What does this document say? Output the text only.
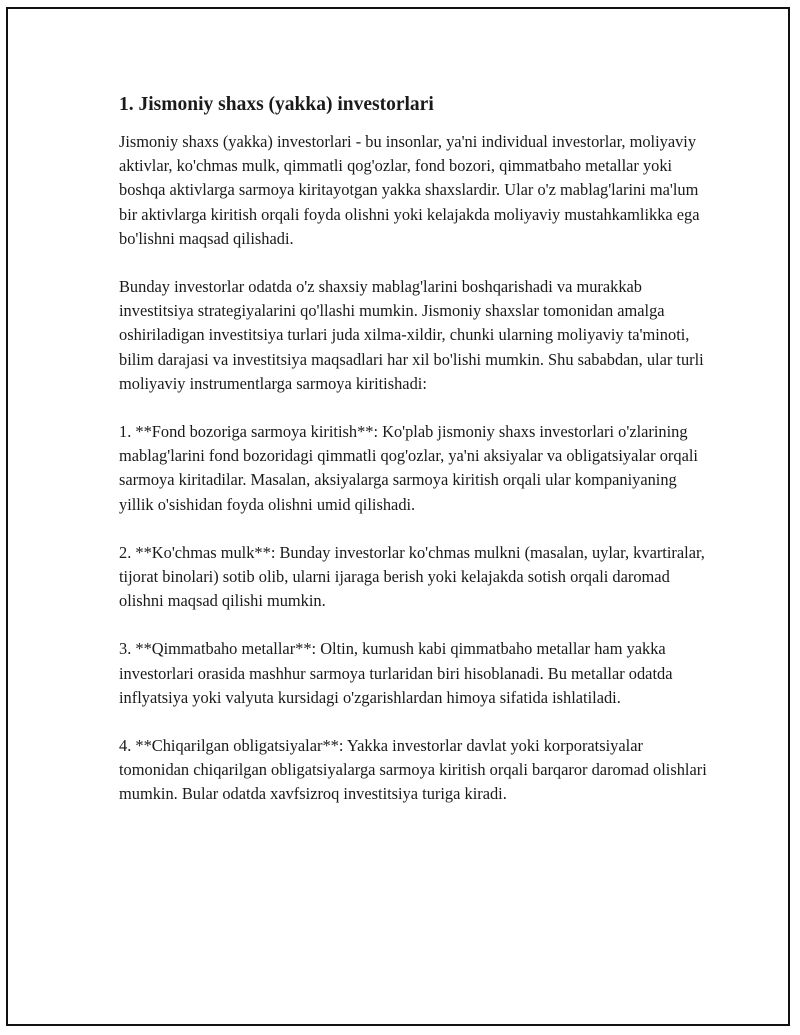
1. Jismoniy shaxs (yakka) investorlari

Jismoniy shaxs (yakka) investorlari - bu insonlar, ya'ni individual investorlar, moliyaviy aktivlar, ko'chmas mulk, qimmatli qog'ozlar, fond bozori, qimmatbaho metallar yoki boshqa aktivlarga sarmoya kiritayotgan yakka shaxslardir. Ular o'z mablag'larini ma'lum bir aktivlarga kiritish orqali foyda olishni yoki kelajakda moliyaviy mustahkamlikka ega bo'lishni maqsad qilishadi.

Bunday investorlar odatda o'z shaxsiy mablag'larini boshqarishadi va murakkab investitsiya strategiyalarini qo'llashi mumkin. Jismoniy shaxslar tomonidan amalga oshiriladigan investitsiya turlari juda xilma-xildir, chunki ularning moliyaviy ta'minoti, bilim darajasi va investitsiya maqsadlari har xil bo'lishi mumkin. Shu sababdan, ular turli moliyaviy instrumentlarga sarmoya kiritishadi:

1. **Fond bozoriga sarmoya kiritish**: Ko'plab jismoniy shaxs investorlari o'zlarining mablag'larini fond bozoridagi qimmatli qog'ozlar, ya'ni aksiyalar va obligatsiyalar orqali sarmoya kiritadilar. Masalan, aksiyalarga sarmoya kiritish orqali ular kompaniyaning yillik o'sishidan foyda olishni umid qilishadi.

2. **Ko'chmas mulk**: Bunday investorlar ko'chmas mulkni (masalan, uylar, kvartiralar, tijorat binolari) sotib olib, ularni ijaraga berish yoki kelajakda sotish orqali daromad olishni maqsad qilishi mumkin.

3. **Qimmatbaho metallar**: Oltin, kumush kabi qimmatbaho metallar ham yakka investorlari orasida mashhur sarmoya turlaridan biri hisoblanadi. Bu metallar odatda inflyatsiya yoki valyuta kursidagi o'zgarishlardan himoya sifatida ishlatiladi.

4. **Chiqarilgan obligatsiyalar**: Yakka investorlar davlat yoki korporatsiyalar tomonidan chiqarilgan obligatsiyalarga sarmoya kiritish orqali barqaror daromad olishlari mumkin. Bular odatda xavfsizroq investitsiya turiga kiradi.
